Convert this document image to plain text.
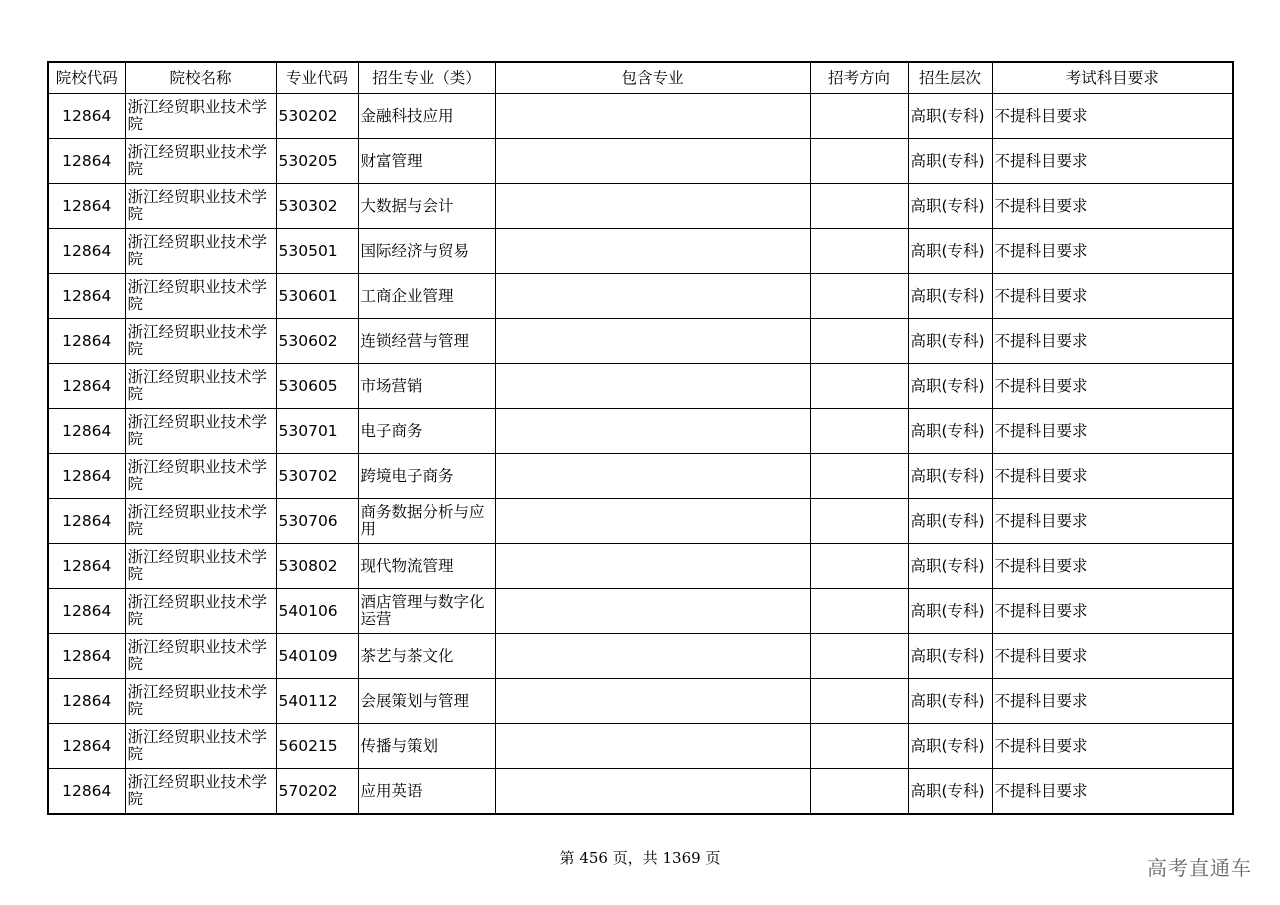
院校代码	院校名称	专业代码	招生专业（类）	包含专业	招考方向	招生层次	考试科目要求
12864	浙江经贸职业技术学院	530202	金融科技应用			高职(专科)	不提科目要求
12864	浙江经贸职业技术学院	530205	财富管理			高职(专科)	不提科目要求
12864	浙江经贸职业技术学院	530302	大数据与会计			高职(专科)	不提科目要求
12864	浙江经贸职业技术学院	530501	国际经济与贸易			高职(专科)	不提科目要求
12864	浙江经贸职业技术学院	530601	工商企业管理			高职(专科)	不提科目要求
12864	浙江经贸职业技术学院	530602	连锁经营与管理			高职(专科)	不提科目要求
12864	浙江经贸职业技术学院	530605	市场营销			高职(专科)	不提科目要求
12864	浙江经贸职业技术学院	530701	电子商务			高职(专科)	不提科目要求
12864	浙江经贸职业技术学院	530702	跨境电子商务			高职(专科)	不提科目要求
12864	浙江经贸职业技术学院	530706	商务数据分析与应用			高职(专科)	不提科目要求
12864	浙江经贸职业技术学院	530802	现代物流管理			高职(专科)	不提科目要求
12864	浙江经贸职业技术学院	540106	酒店管理与数字化运营			高职(专科)	不提科目要求
12864	浙江经贸职业技术学院	540109	茶艺与茶文化			高职(专科)	不提科目要求
12864	浙江经贸职业技术学院	540112	会展策划与管理			高职(专科)	不提科目要求
12864	浙江经贸职业技术学院	560215	传播与策划			高职(专科)	不提科目要求
12864	浙江经贸职业技术学院	570202	应用英语			高职(专科)	不提科目要求
第 456 页，共 1369 页	高考直通车
